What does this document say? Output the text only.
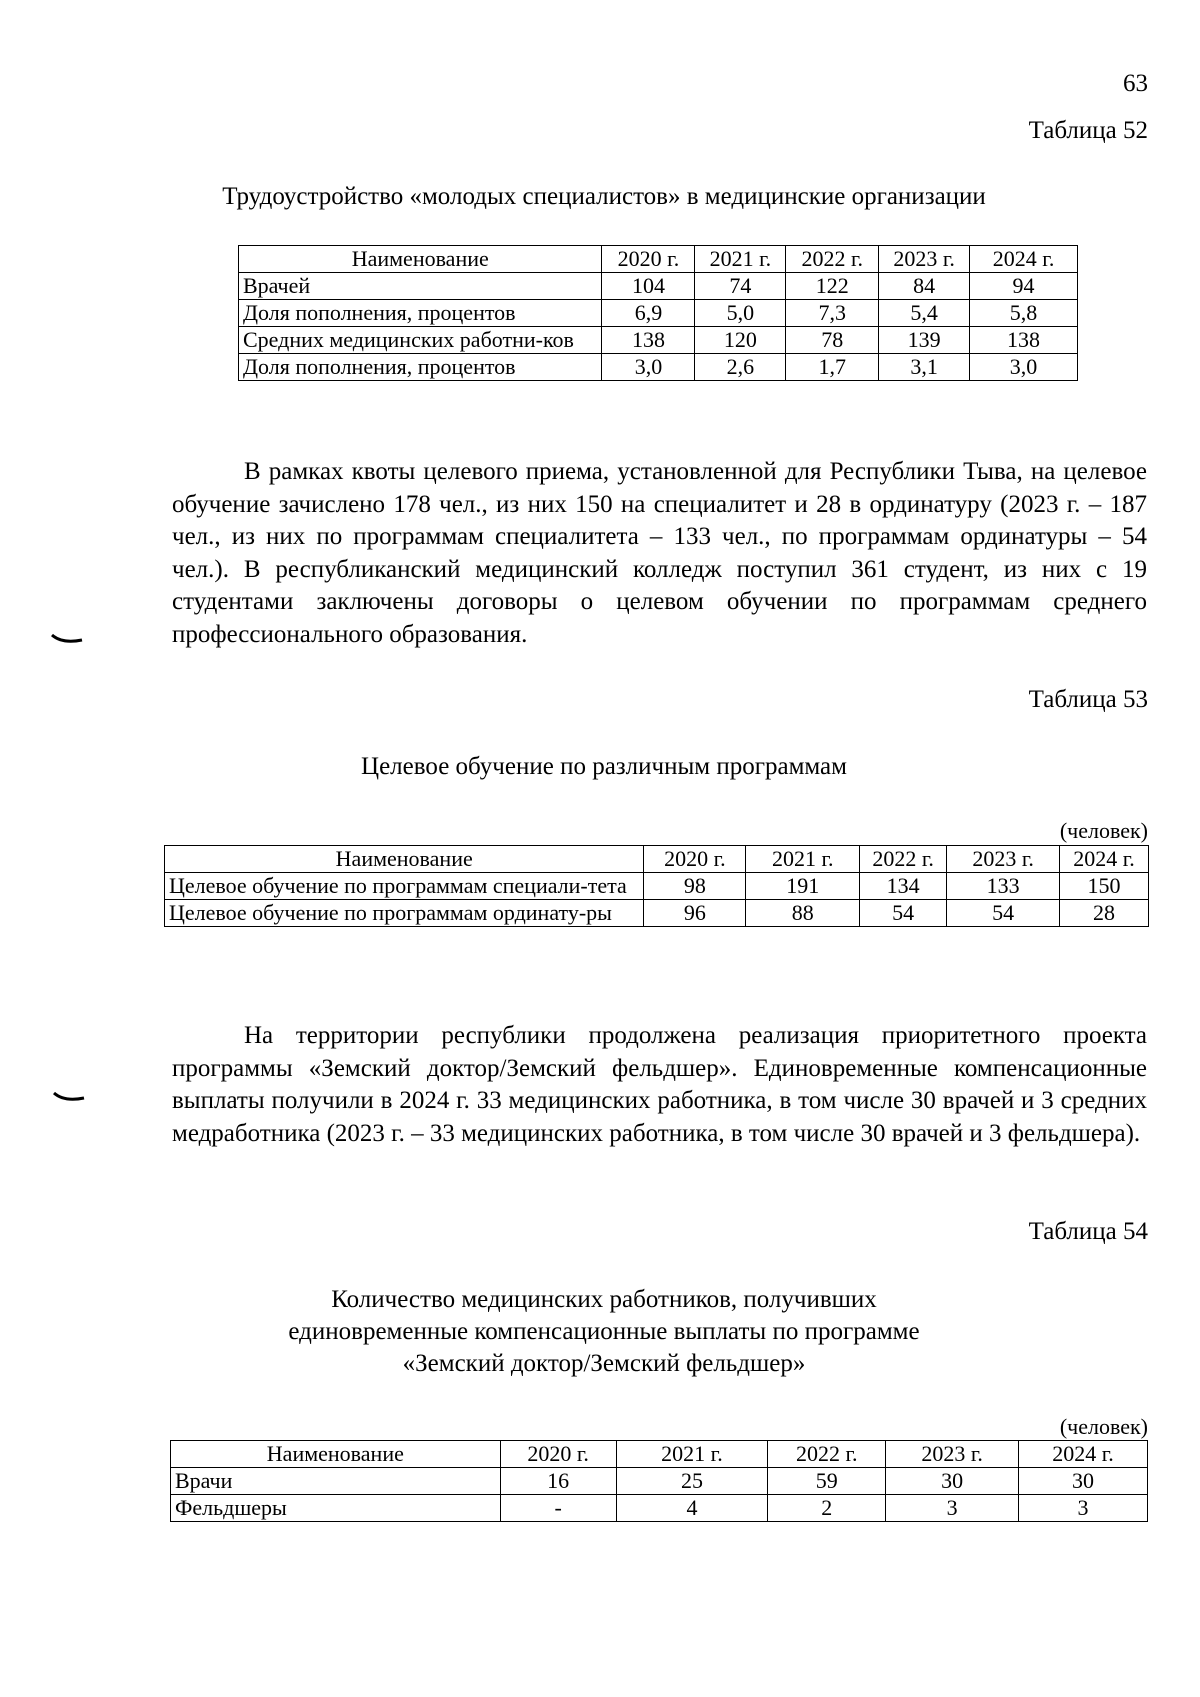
63

Таблица 52

Трудоустройство «молодых специалистов» в медицинские организации

Наименование	2020 г.	2021 г.	2022 г.	2023 г.	2024 г.
Врачей	104	74	122	84	94
Доля пополнения, процентов	6,9	5,0	7,3	5,4	5,8
Средних медицинских работни-ков	138	120	78	139	138
Доля пополнения, процентов	3,0	2,6	1,7	3,1	3,0

В рамках квоты целевого приема, установленной для Республики Тыва, на целевое обучение зачислено 178 чел., из них 150 на специалитет и 28 в ординатуру (2023 г. – 187 чел., из них по программам специалитета – 133 чел., по программам ординатуры – 54 чел.). В республиканский медицинский колледж поступил 361 студент, из них с 19 студентами заключены договоры о целевом обучении по программам среднего профессионального образования.

Таблица 53

Целевое обучение по различным программам

(человек)

Наименование	2020 г.	2021 г.	2022 г.	2023 г.	2024 г.
Целевое обучение по программам специали-тета	98	191	134	133	150
Целевое обучение по программам ординату-ры	96	88	54	54	28

На территории республики продолжена реализация приоритетного проекта программы «Земский доктор/Земский фельдшер». Единовременные компенсационные выплаты получили в 2024 г. 33 медицинских работника, в том числе 30 врачей и 3 средних медработника (2023 г. – 33 медицинских работника, в том числе 30 врачей и 3 фельдшера).

Таблица 54

Количество медицинских работников, получивших

единовременные компенсационные выплаты по программе

«Земский доктор/Земский фельдшер»

(человек)

Наименование	2020 г.	2021 г.	2022 г.	2023 г.	2024 г.
Врачи	16	25	59	30	30
Фельдшеры	-	4	2	3	3
